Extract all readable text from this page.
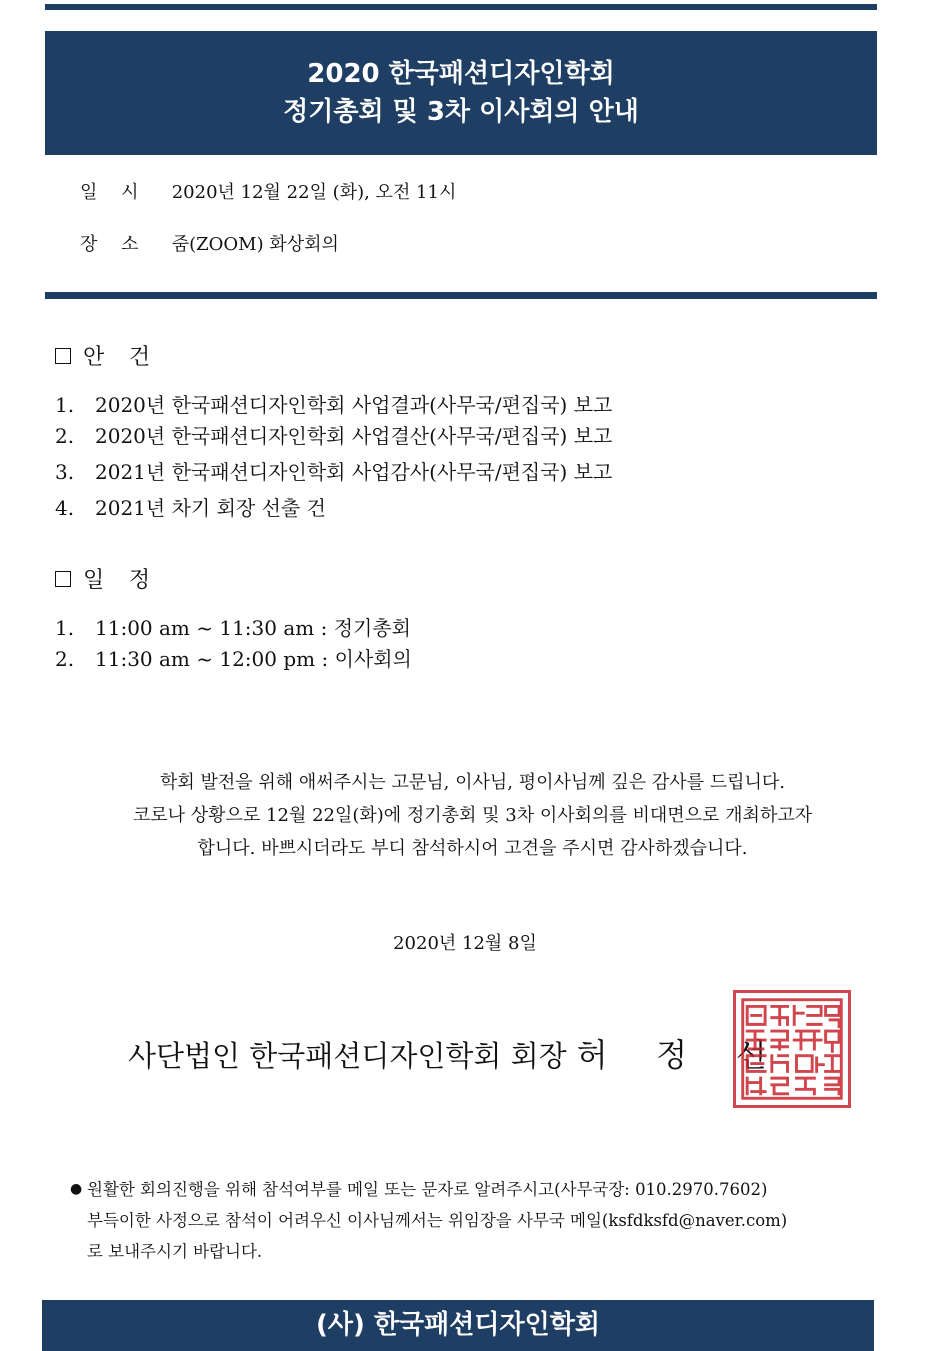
2020 한국패션디자인학회
정기총회 및 3차 이사회의 안내
일 시 2020년 12월 22일 (화), 오전 11시
장 소 줌(ZOOM) 화상회의
안 건
1. 2020년 한국패션디자인학회 사업결과(사무국/편집국) 보고
2. 2020년 한국패션디자인학회 사업결산(사무국/편집국) 보고
3. 2021년 한국패션디자인학회 사업감사(사무국/편집국) 보고
4. 2021년 차기 회장 선출 건
일 정
1. 11:00 am ~ 11:30 am : 정기총회
2. 11:30 am ~ 12:00 pm : 이사회의
학회 발전을 위해 애써주시는 고문님, 이사님, 평이사님께 깊은 감사를 드립니다.
코로나 상황으로 12월 22일(화)에 정기총회 및 3차 이사회의를 비대면으로 개최하고자
합니다. 바쁘시더라도 부디 참석하시어 고견을 주시면 감사하겠습니다.
2020년 12월 8일
사단법인 한국패션디자인학회 회장 허 정 선
● 원활한 회의진행을 위해 참석여부를 메일 또는 문자로 알려주시고(사무국장: 010.2970.7602)
부득이한 사정으로 참석이 어려우신 이사님께서는 위임장을 사무국 메일(ksfdksfd@naver.com)
로 보내주시기 바랍니다.
(사) 한국패션디자인학회
